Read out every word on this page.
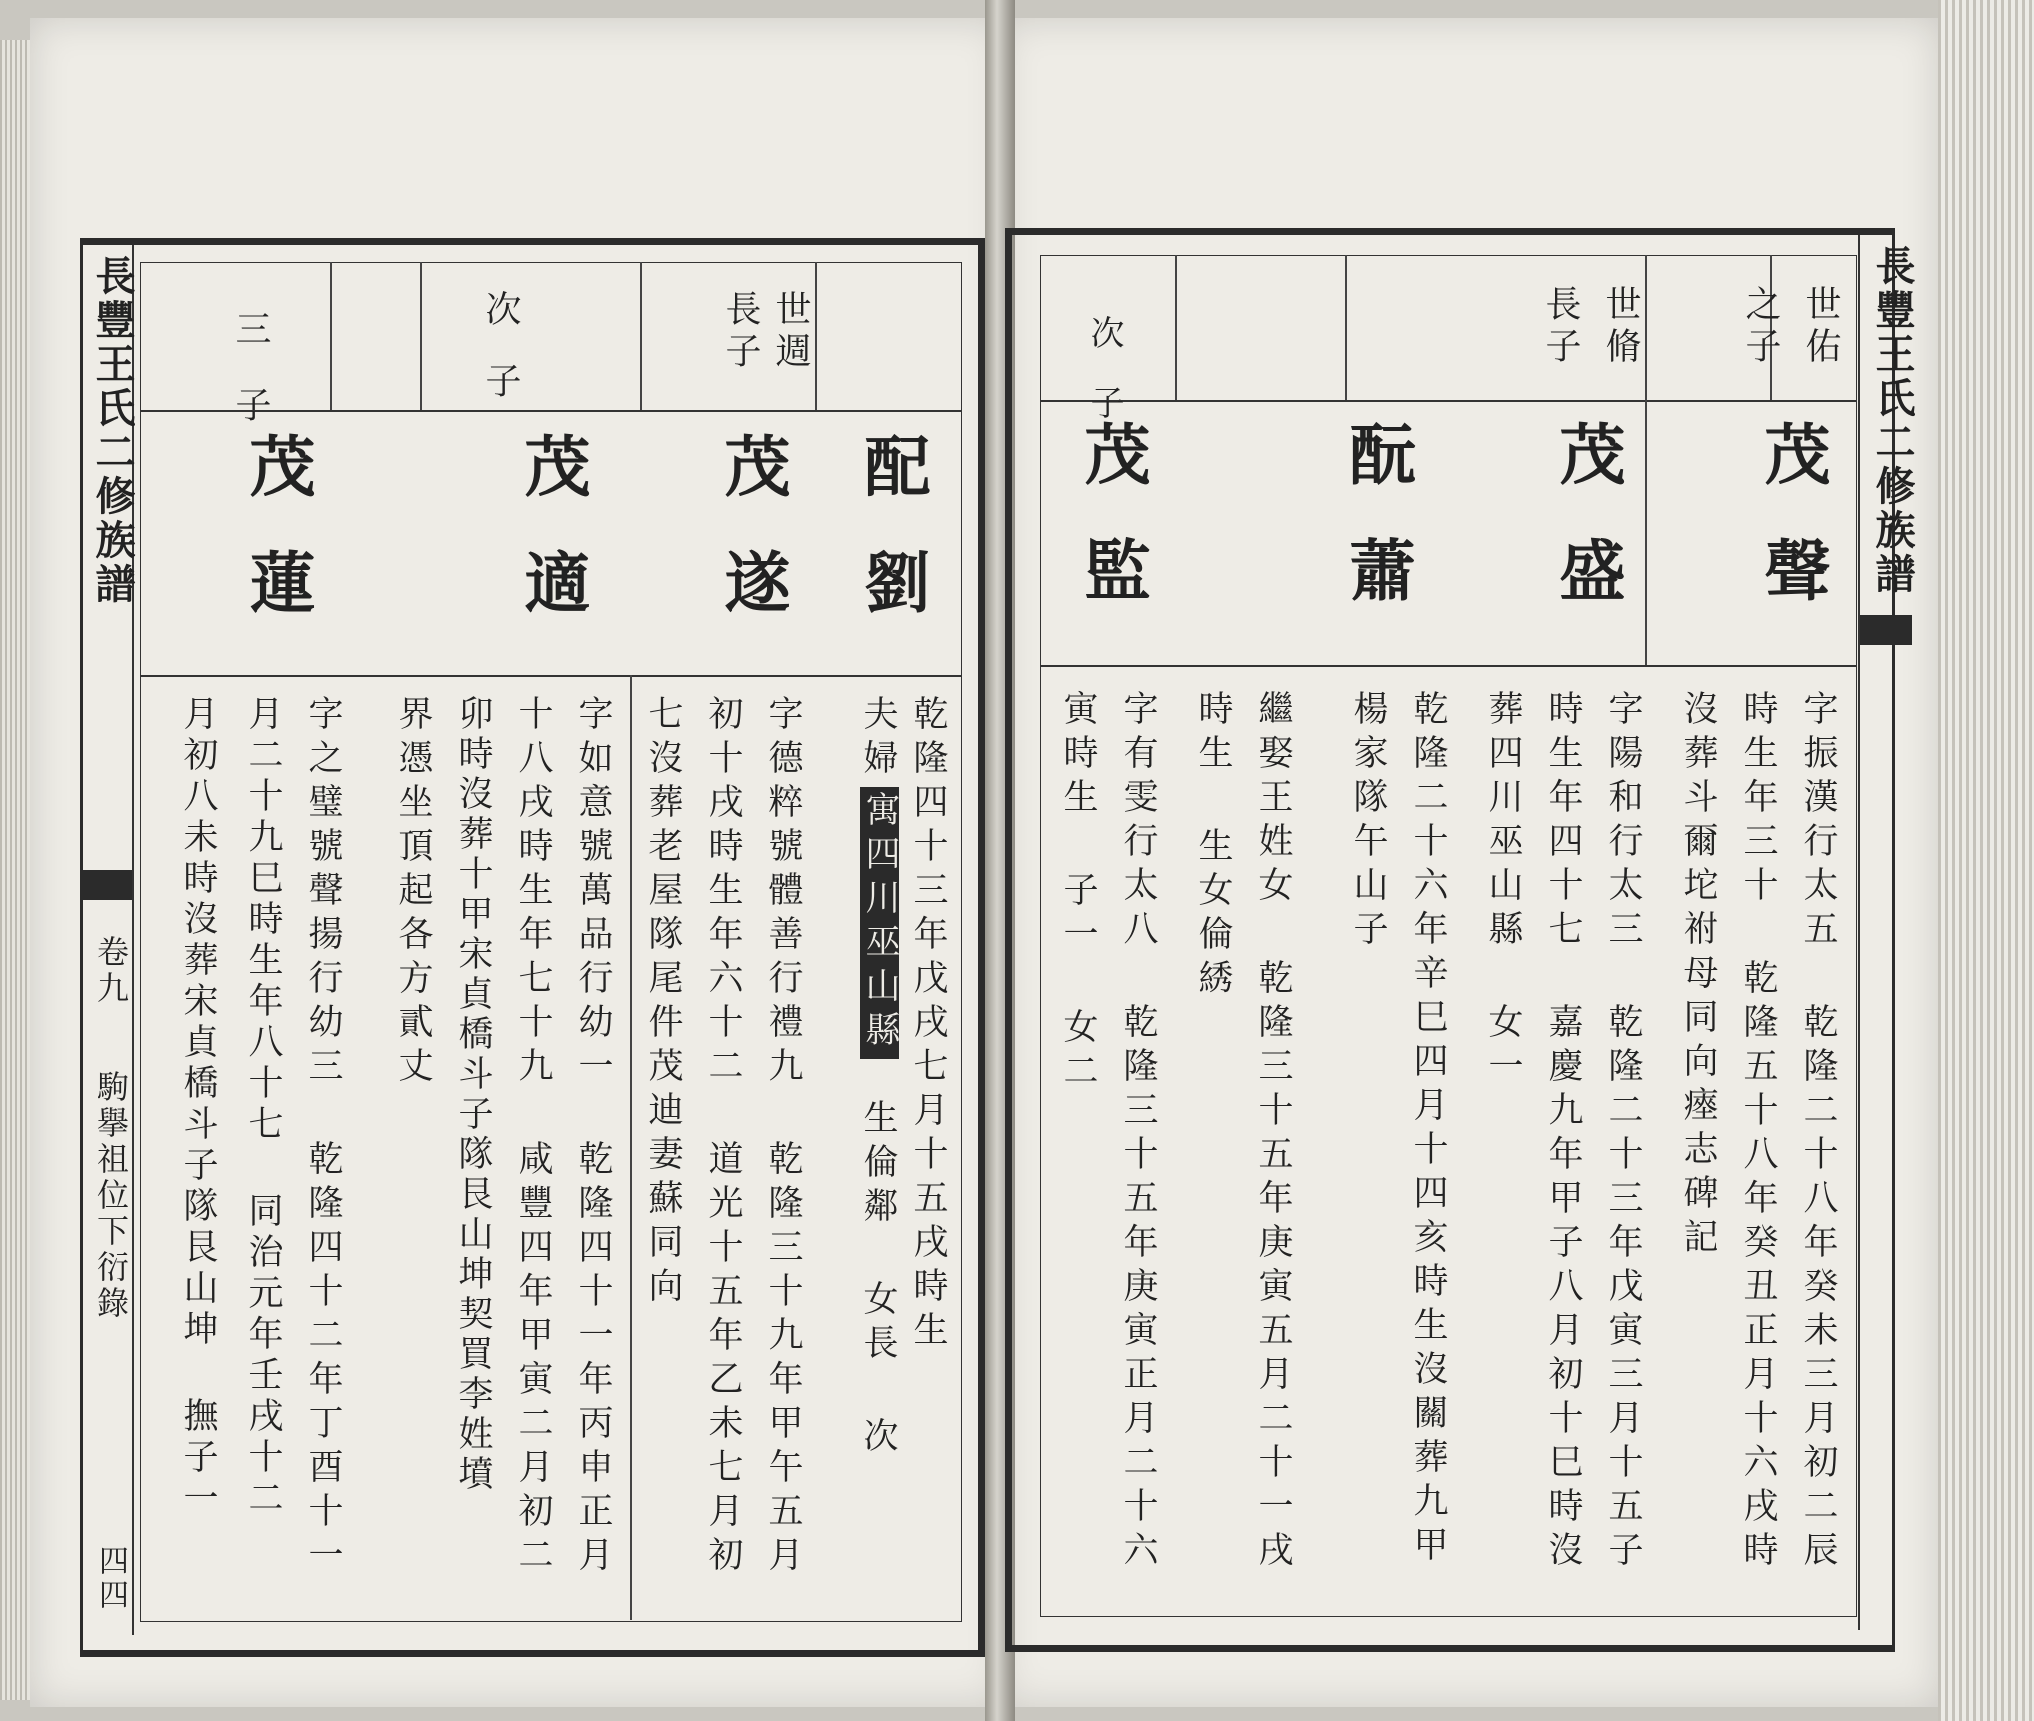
長豐王氏二修族譜
卷九
駒擧祖位下衍錄
四四
世週
長子
次子
三子
配劉
茂遂
茂適
茂蓮
乾隆四十三年戊戌七月十五戌時生
夫婦
寓四川巫山縣
生倫鄰 女長 次
字德粹號體善行禮九 乾隆三十九年甲午五月
初十戌時生年六十二 道光十五年乙未七月初
七沒葬老屋隊尾件茂迪妻蘇同向
字如意號萬品行幼一 乾隆四十一年丙申正月
十八戌時生年七十九 咸豐四年甲寅二月初二
卯時沒葬十甲宋貞橋斗子隊艮山坤契買李姓墳
界憑坐頂起各方貳丈
字之璧號聲揚行幼三 乾隆四十二年丁酉十一
月二十九巳時生年八十七 同治元年壬戌十二
月初八未時沒葬宋貞橋斗子隊艮山坤 撫子一
長豐王氏二修族譜
世佑
之子
世脩
長子
次子
茂聲
茂盛
酛蕭
茂監
字振漢行太五 乾隆二十八年癸未三月初二辰
時生年三十 乾隆五十八年癸丑正月十六戌時
沒葬斗爾坨祔母同向瘞志碑記
字陽和行太三 乾隆二十三年戊寅三月十五子
時生年四十七 嘉慶九年甲子八月初十巳時沒
葬四川巫山縣 女一
乾隆二十六年辛巳四月十四亥時生沒關葬九甲
楊家隊午山子
繼娶王姓女 乾隆三十五年庚寅五月二十一戌
時生 生女倫綉
字有雯行太八 乾隆三十五年庚寅正月二十六
寅時生 子一 女二
